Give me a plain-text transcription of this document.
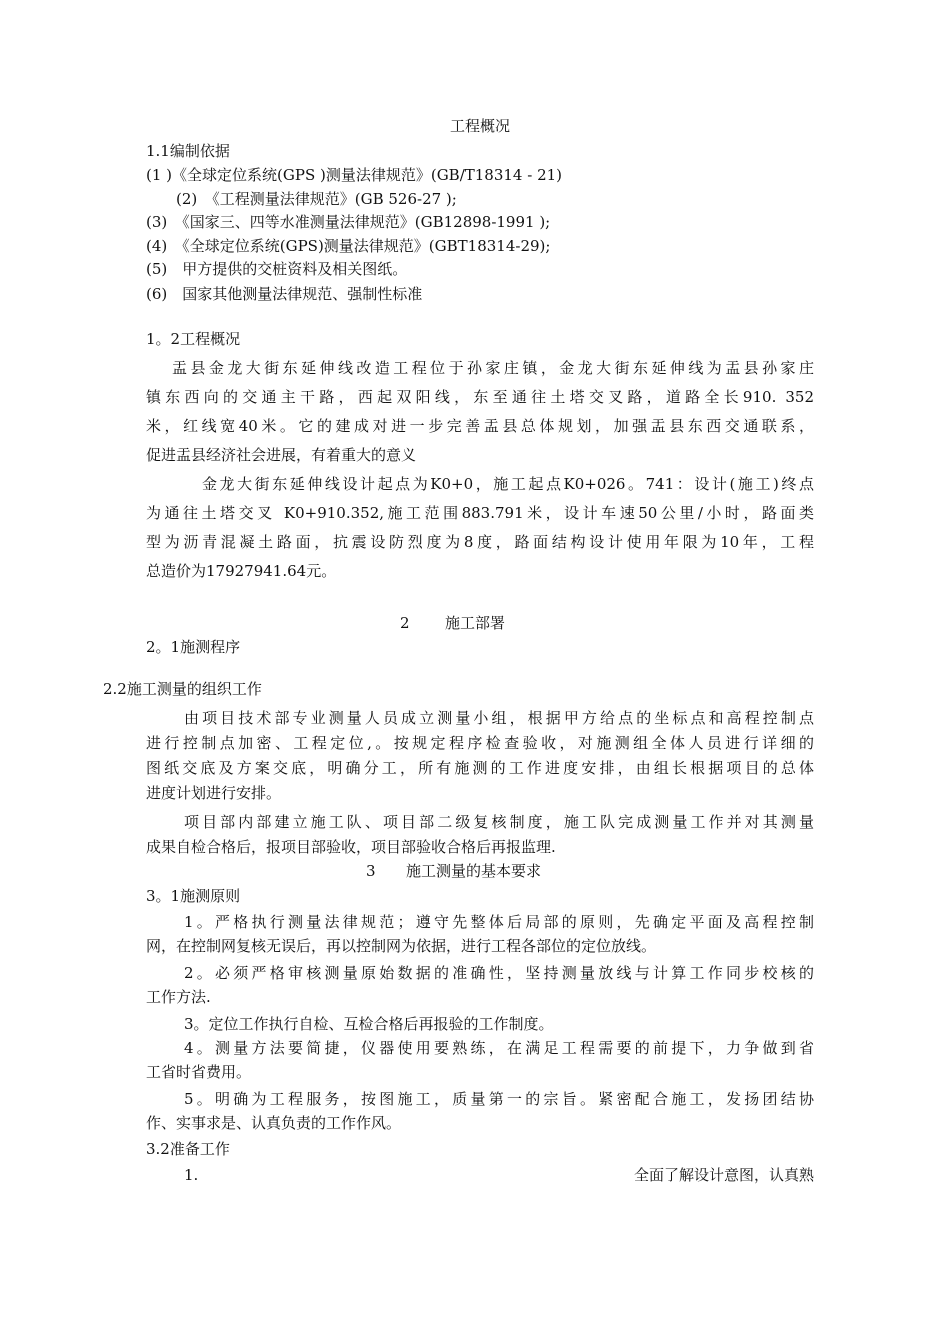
工程概况

1.1编制依据

(1 )《全球定位系统(GPS )测量法律规范》(GB/T18314 - 21)

(2)　《工程测量法律规范》(GB 526-27 );

(3)　《国家三、四等水准测量法律规范》(GB12898-1991 );

(4)　《全球定位系统(GPS)测量法律规范》(GBT18314-29);

(5)　甲方提供的交桩资料及相关图纸。

(6)　国家其他测量法律规范、强制性标准

1。2工程概况

盂县金龙大街东延伸线改造工程位于孙家庄镇，金龙大街东延伸线为盂县孙家庄

镇东西向的交通主干路，西起双阳线，东至通往土塔交叉路，道路全长910. 352

米，红线宽40米。它的建成对进一步完善盂县总体规划，加强盂县东西交通联系，

促进盂县经济社会进展，有着重大的意义

金龙大街东延伸线设计起点为K0+0，施工起点K0+026。741：设计(施工)终点

为通往土塔交叉 K0+910.352,施工范围883.791米，设计车速50公里/小时，路面类

型为沥青混凝土路面，抗震设防烈度为8度，路面结构设计使用年限为10年，工程

总造价为17927941.64元。

2 施工部署

2。1施测程序

2.2施工测量的组织工作

由项目技术部专业测量人员成立测量小组，根据甲方给点的坐标点和高程控制点

进行控制点加密、工程定位,。按规定程序检查验收，对施测组全体人员进行详细的

图纸交底及方案交底，明确分工，所有施测的工作进度安排，由组长根据项目的总体

进度计划进行安排。

项目部内部建立施工队、项目部二级复核制度，施工队完成测量工作并对其测量

成果自检合格后，报项目部验收，项目部验收合格后再报监理.

3 施工测量的基本要求

3。1施测原则

1。严格执行测量法律规范；遵守先整体后局部的原则，先确定平面及高程控制

网，在控制网复核无误后，再以控制网为依据，进行工程各部位的定位放线。

2。必须严格审核测量原始数据的准确性，坚持测量放线与计算工作同步校核的

工作方法.

3。定位工作执行自检、互检合格后再报验的工作制度。

4。测量方法要简捷，仪器使用要熟练，在满足工程需要的前提下，力争做到省

工省时省费用。

5。明确为工程服务，按图施工，质量第一的宗旨。紧密配合施工，发扬团结协

作、实事求是、认真负责的工作作风。

3.2准备工作

1.	全面了解设计意图，认真熟
